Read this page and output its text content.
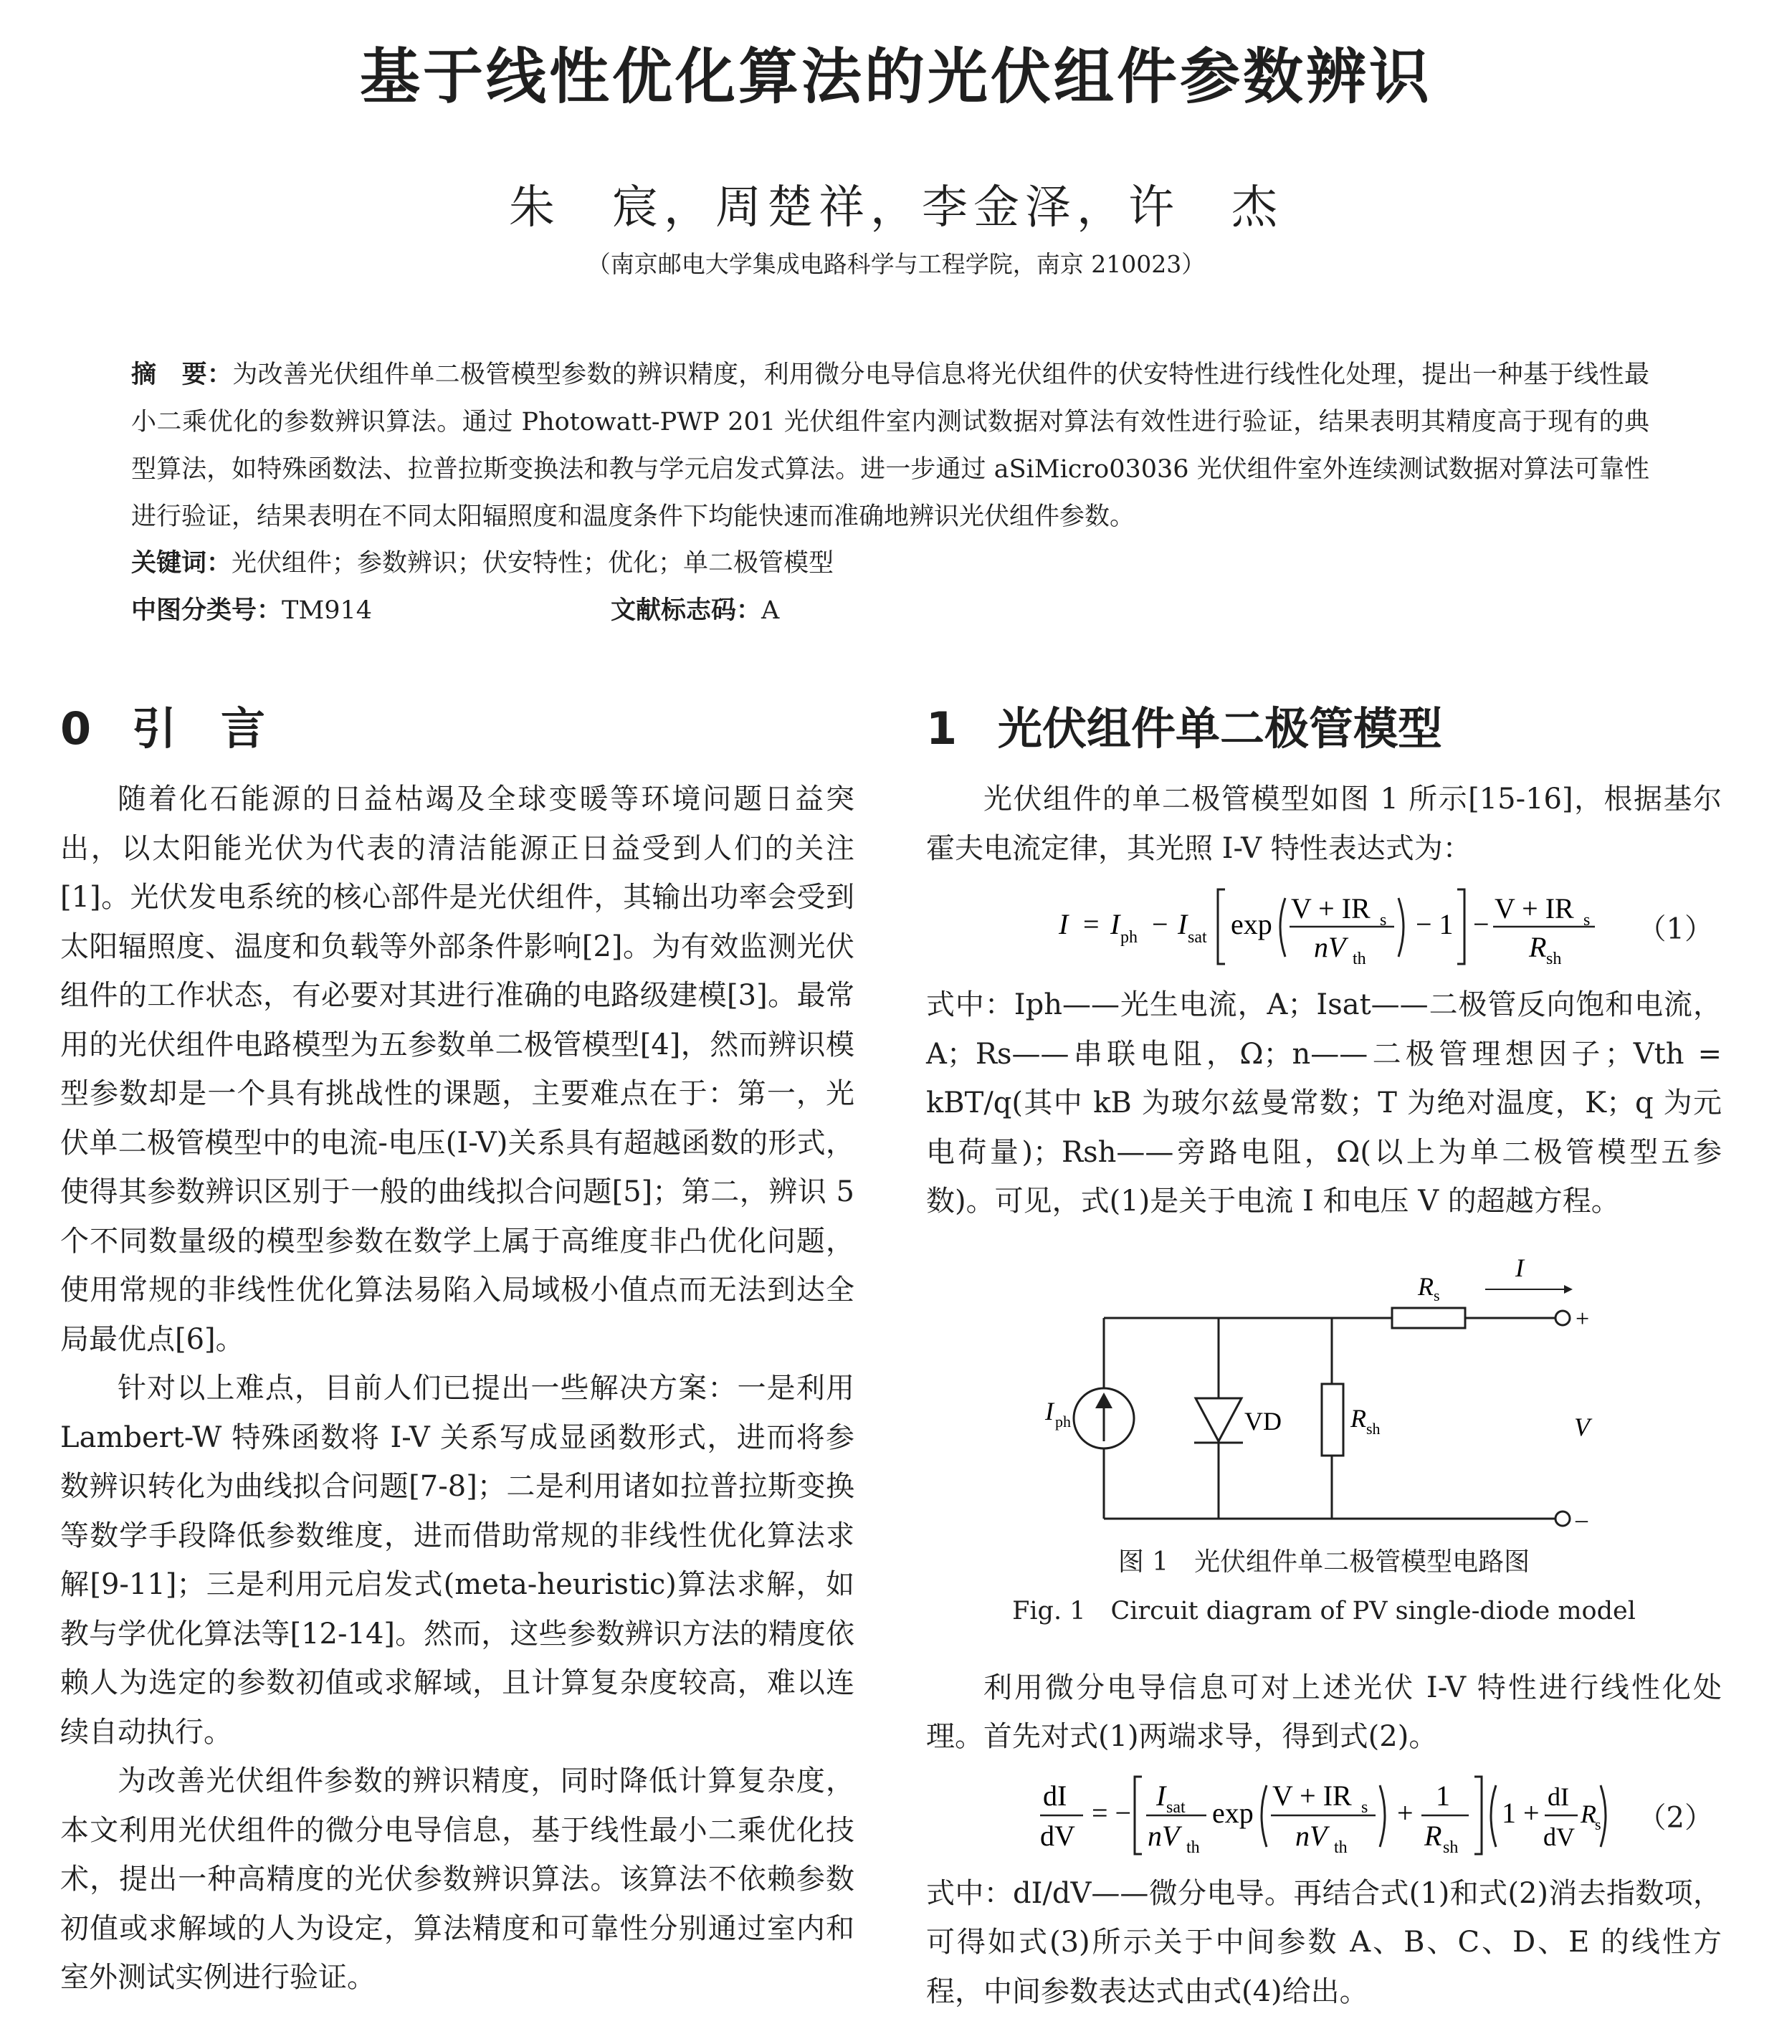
基于线性优化算法的光伏组件参数辨识
朱　宸，周楚祥，李金泽，许　杰
（南京邮电大学集成电路科学与工程学院，南京 210023）

摘　要：为改善光伏组件单二极管模型参数的辨识精度，利用微分电导信息将光伏组件的伏安特性进行线性化处理，提出一种基于线性最小二乘优化的参数辨识算法。通过 Photowatt-PWP 201 光伏组件室内测试数据对算法有效性进行验证，结果表明其精度高于现有的典型算法，如特殊函数法、拉普拉斯变换法和教与学元启发式算法。进一步通过 aSiMicro03036 光伏组件室外连续测试数据对算法可靠性进行验证，结果表明在不同太阳辐照度和温度条件下均能快速而准确地辨识光伏组件参数。

关键词：光伏组件；参数辨识；伏安特性；优化；单二极管模型

中图分类号：TM914	文献标志码：A

0 引　言

随着化石能源的日益枯竭及全球变暖等环境问题日益突出，以太阳能光伏为代表的清洁能源正日益受到人们的关注[1]。光伏发电系统的核心部件是光伏组件，其输出功率会受到太阳辐照度、温度和负载等外部条件影响[2]。为有效监测光伏组件的工作状态，有必要对其进行准确的电路级建模[3]。最常用的光伏组件电路模型为五参数单二极管模型[4]，然而辨识模型参数却是一个具有挑战性的课题，主要难点在于：第一，光伏单二极管模型中的电流-电压(I-V)关系具有超越函数的形式，使得其参数辨识区别于一般的曲线拟合问题[5]；第二，辨识 5 个不同数量级的模型参数在数学上属于高维度非凸优化问题，使用常规的非线性优化算法易陷入局域极小值点而无法到达全局最优点[6]。

针对以上难点，目前人们已提出一些解决方案：一是利用 Lambert-W 特殊函数将 I-V 关系写成显函数形式，进而将参数辨识转化为曲线拟合问题[7-8]；二是利用诸如拉普拉斯变换等数学手段降低参数维度，进而借助常规的非线性优化算法求解[9-11]；三是利用元启发式(meta-heuristic)算法求解，如教与学优化算法等[12-14]。然而，这些参数辨识方法的精度依赖人为选定的参数初值或求解域，且计算复杂度较高，难以连续自动执行。

为改善光伏组件参数的辨识精度，同时降低计算复杂度，本文利用光伏组件的微分电导信息，基于线性最小二乘优化技术，提出一种高精度的光伏参数辨识算法。该算法不依赖参数初值或求解域的人为设定，算法精度和可靠性分别通过室内和室外测试实例进行验证。

1 光伏组件单二极管模型

光伏组件的单二极管模型如图 1 所示[15-16]，根据基尔霍夫电流定律，其光照 I-V 特性表达式为：

I = I ph − I sat exp V + IR s
nV th
− 1 − V + IR s
R sh
（1）

式中：Iph——光生电流，A；Isat——二极管反向饱和电流，A；Rs——串联电阻，Ω；n——二极管理想因子；Vth = kBT/q(其中 kB 为玻尔兹曼常数；T 为绝对温度，K；q 为元电荷量)；Rsh——旁路电阻，Ω(以上为单二极管模型五参数)。可见，式(1)是关于电流 I 和电压 V 的超越方程。

R s
I
+
–
I ph	VD	R sh	V

图 1　光伏组件单二极管模型电路图

Fig. 1　Circuit diagram of PV single-diode model

利用微分电导信息可对上述光伏 I-V 特性进行线性化处理。首先对式(1)两端求导，得到式(2)。

dI
dV
= −
I sat
nV th
exp
V + IR s
nV th
+
1
R sh
1 + dI
dV
R
s （2）

式中：dI/dV——微分电导。再结合式(1)和式(2)消去指数项，可得如式(3)所示关于中间参数 A、B、C、D、E 的线性方程，中间参数表达式由式(4)给出。
